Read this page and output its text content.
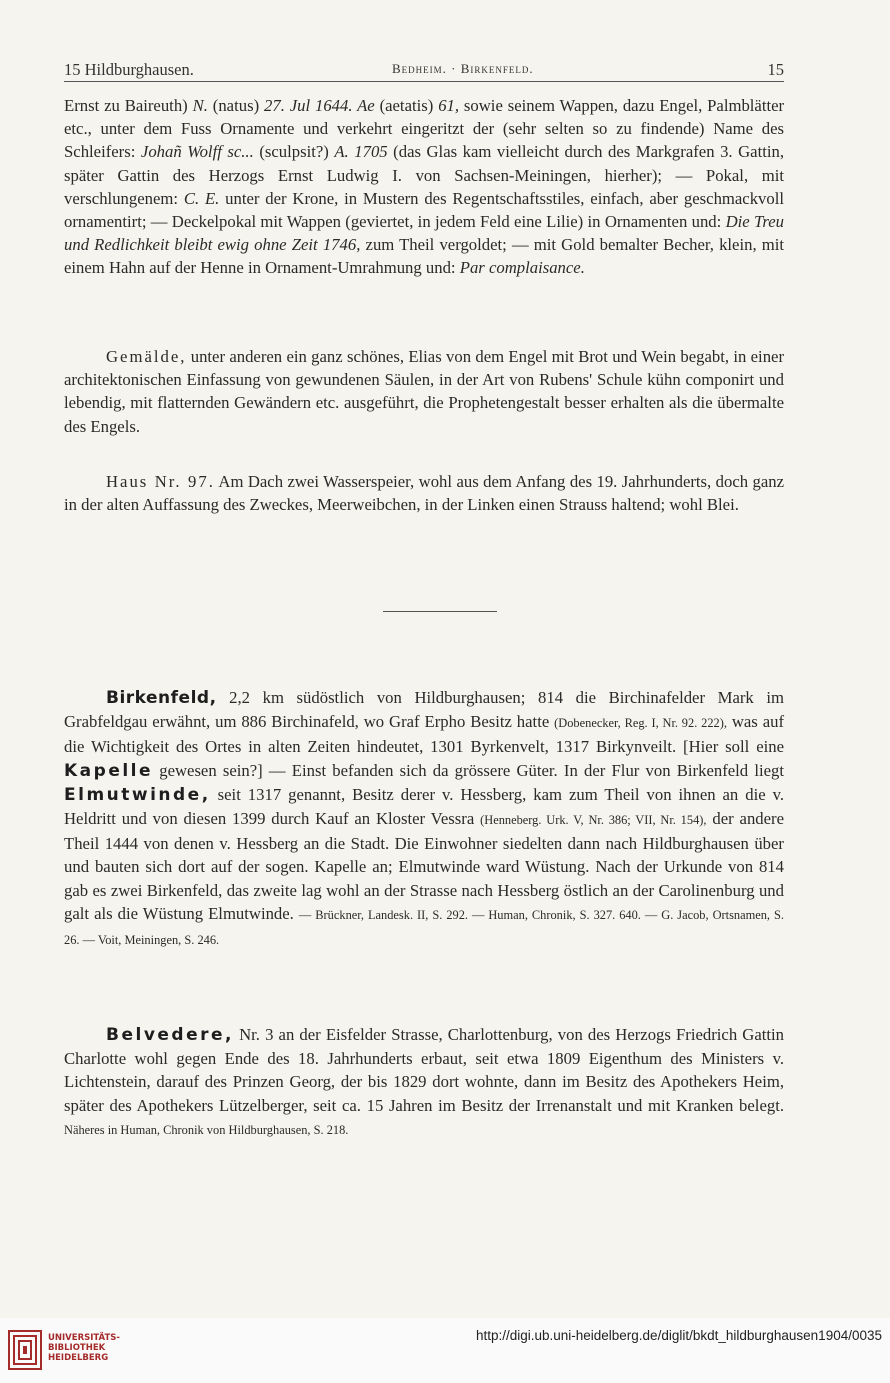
15 Hildburghausen.	Bedheim. · Birkenfeld.	15

Ernst zu Baireuth) N. (natus) 27. Jul 1644. Ae (aetatis) 61, sowie seinem Wappen, dazu Engel, Palmblätter etc., unter dem Fuss Ornamente und verkehrt eingeritzt der (sehr selten so zu findende) Name des Schleifers: Johañ Wolff sc... (sculpsit?) A. 1705 (das Glas kam vielleicht durch des Markgrafen 3. Gattin, später Gattin des Herzogs Ernst Ludwig I. von Sachsen-Meiningen, hierher); — Pokal, mit verschlungenem: C. E. unter der Krone, in Mustern des Regentschaftsstiles, einfach, aber geschmackvoll ornamentirt; — Deckelpokal mit Wappen (geviertet, in jedem Feld eine Lilie) in Ornamenten und: Die Treu und Redlichkeit bleibt ewig ohne Zeit 1746, zum Theil vergoldet; — mit Gold bemalter Becher, klein, mit einem Hahn auf der Henne in Ornament-Umrahmung und: Par complaisance.

Gemälde, unter anderen ein ganz schönes, Elias von dem Engel mit Brot und Wein begabt, in einer architektonischen Einfassung von gewundenen Säulen, in der Art von Rubens' Schule kühn componirt und lebendig, mit flatternden Gewändern etc. ausgeführt, die Prophetengestalt besser erhalten als die übermalte des Engels.

Haus Nr. 97. Am Dach zwei Wasserspeier, wohl aus dem Anfang des 19. Jahrhunderts, doch ganz in der alten Auffassung des Zweckes, Meerweibchen, in der Linken einen Strauss haltend; wohl Blei.

Birkenfeld, 2,2 km südöstlich von Hildburghausen; 814 die Birchinafelder Mark im Grabfeldgau erwähnt, um 886 Birchinafeld, wo Graf Erpho Besitz hatte (Dobenecker, Reg. I, Nr. 92. 222), was auf die Wichtigkeit des Ortes in alten Zeiten hindeutet, 1301 Byrkenvelt, 1317 Birkynveilt. [Hier soll eine Kapelle gewesen sein?] — Einst befanden sich da grössere Güter. In der Flur von Birkenfeld liegt Elmutwinde, seit 1317 genannt, Besitz derer v. Hessberg, kam zum Theil von ihnen an die v. Heldritt und von diesen 1399 durch Kauf an Kloster Vessra (Henneberg. Urk. V, Nr. 386; VII, Nr. 154), der andere Theil 1444 von denen v. Hessberg an die Stadt. Die Einwohner siedelten dann nach Hildburghausen über und bauten sich dort auf der sogen. Kapelle an; Elmutwinde ward Wüstung. Nach der Urkunde von 814 gab es zwei Birkenfeld, das zweite lag wohl an der Strasse nach Hessberg östlich an der Carolinenburg und galt als die Wüstung Elmutwinde. — Brückner, Landesk. II, S. 292. — Human, Chronik, S. 327. 640. — G. Jacob, Ortsnamen, S. 26. — Voit, Meiningen, S. 246.

Belvedere, Nr. 3 an der Eisfelder Strasse, Charlottenburg, von des Herzogs Friedrich Gattin Charlotte wohl gegen Ende des 18. Jahrhunderts erbaut, seit etwa 1809 Eigenthum des Ministers v. Lichtenstein, darauf des Prinzen Georg, der bis 1829 dort wohnte, dann im Besitz des Apothekers Heim, später des Apothekers Lützelberger, seit ca. 15 Jahren im Besitz der Irrenanstalt und mit Kranken belegt. Näheres in Human, Chronik von Hildburghausen, S. 218.

UNIVERSITÄTS-
BIBLIOTHEK
HEIDELBERG
http://digi.ub.uni-heidelberg.de/diglit/bkdt_hildburghausen1904/0035
